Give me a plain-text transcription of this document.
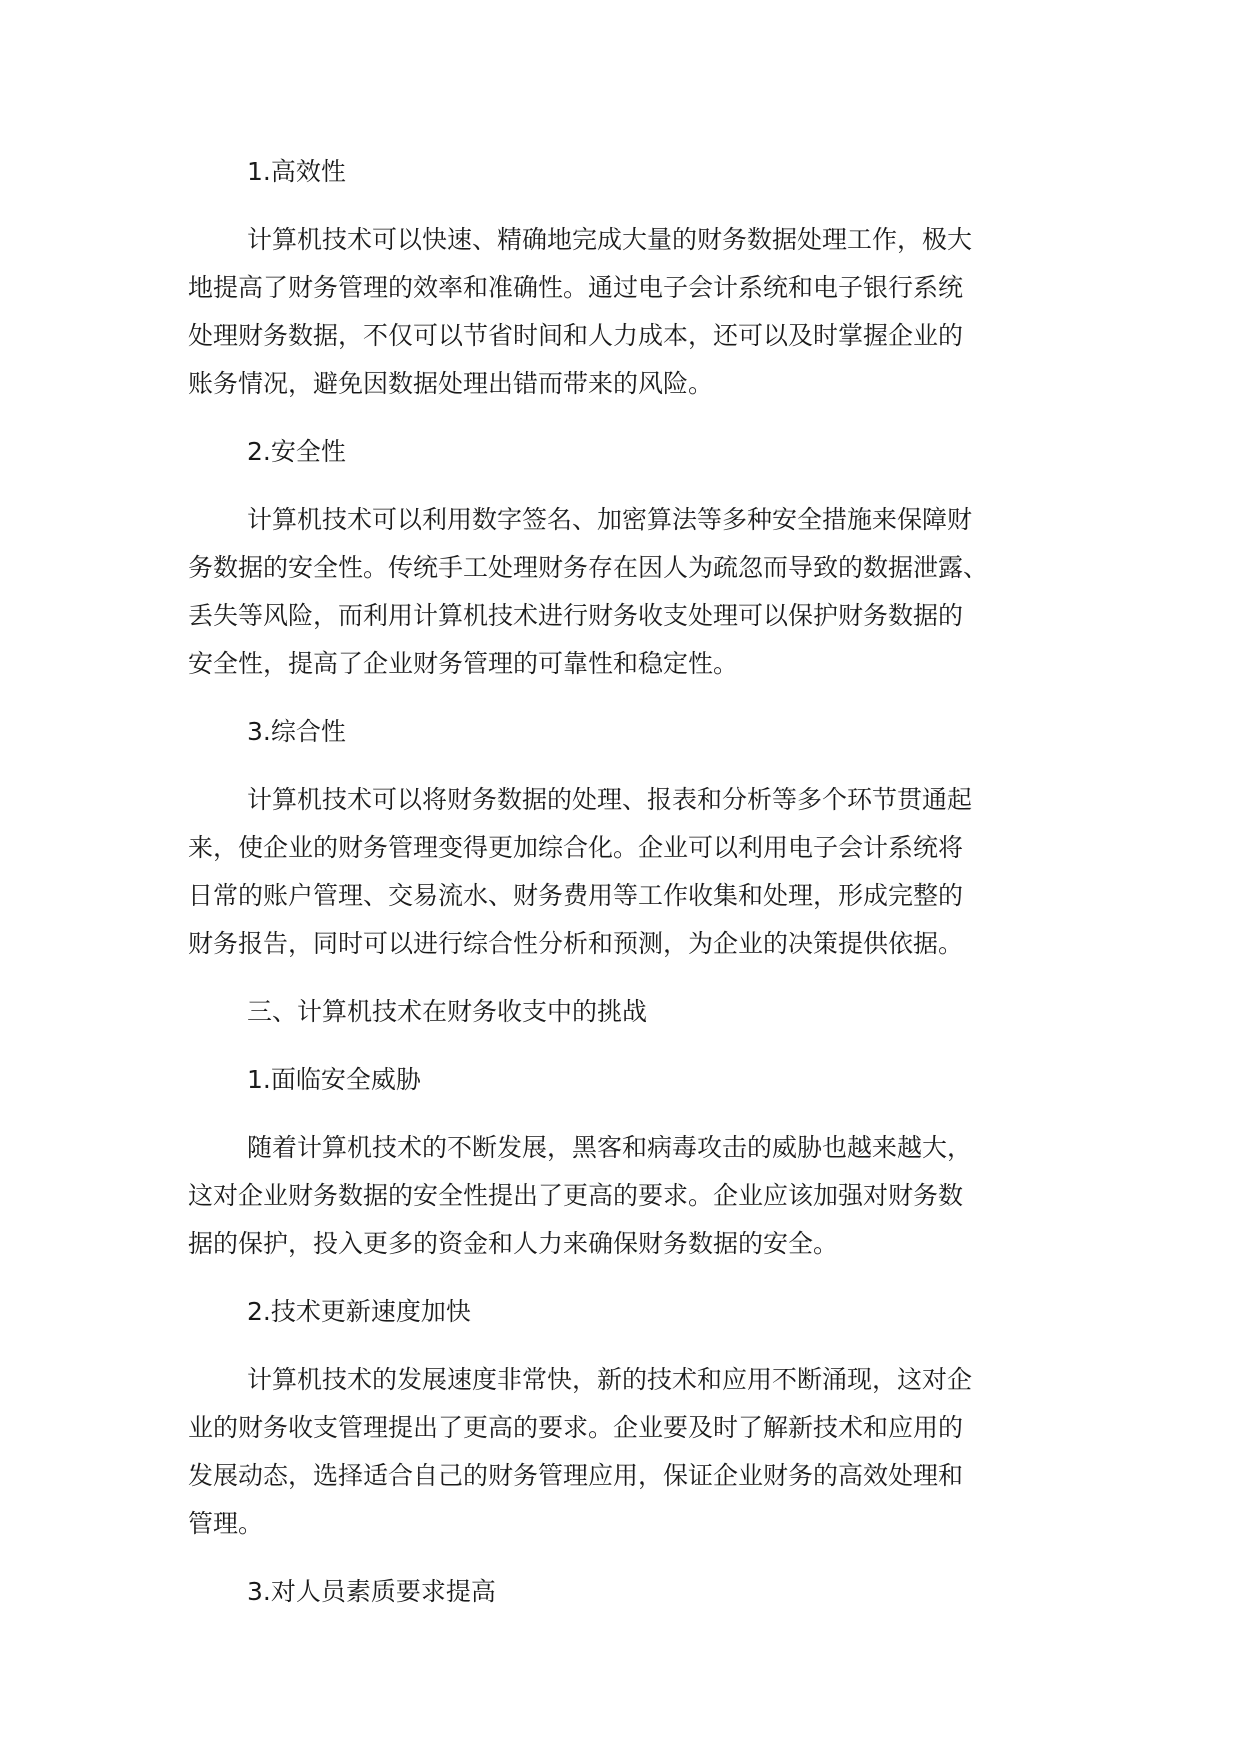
1.高效性
计算机技术可以快速、精确地完成大量的财务数据处理工作，极大
地提高了财务管理的效率和准确性。通过电子会计系统和电子银行系统
处理财务数据，不仅可以节省时间和人力成本，还可以及时掌握企业的
账务情况，避免因数据处理出错而带来的风险。
2.安全性
计算机技术可以利用数字签名、加密算法等多种安全措施来保障财
务数据的安全性。传统手工处理财务存在因人为疏忽而导致的数据泄露、
丢失等风险，而利用计算机技术进行财务收支处理可以保护财务数据的
安全性，提高了企业财务管理的可靠性和稳定性。
3.综合性
计算机技术可以将财务数据的处理、报表和分析等多个环节贯通起
来，使企业的财务管理变得更加综合化。企业可以利用电子会计系统将
日常的账户管理、交易流水、财务费用等工作收集和处理，形成完整的
财务报告，同时可以进行综合性分析和预测，为企业的决策提供依据。
三、计算机技术在财务收支中的挑战
1.面临安全威胁
随着计算机技术的不断发展，黑客和病毒攻击的威胁也越来越大，
这对企业财务数据的安全性提出了更高的要求。企业应该加强对财务数
据的保护，投入更多的资金和人力来确保财务数据的安全。
2.技术更新速度加快
计算机技术的发展速度非常快，新的技术和应用不断涌现，这对企
业的财务收支管理提出了更高的要求。企业要及时了解新技术和应用的
发展动态，选择适合自己的财务管理应用，保证企业财务的高效处理和
管理。
3.对人员素质要求提高
